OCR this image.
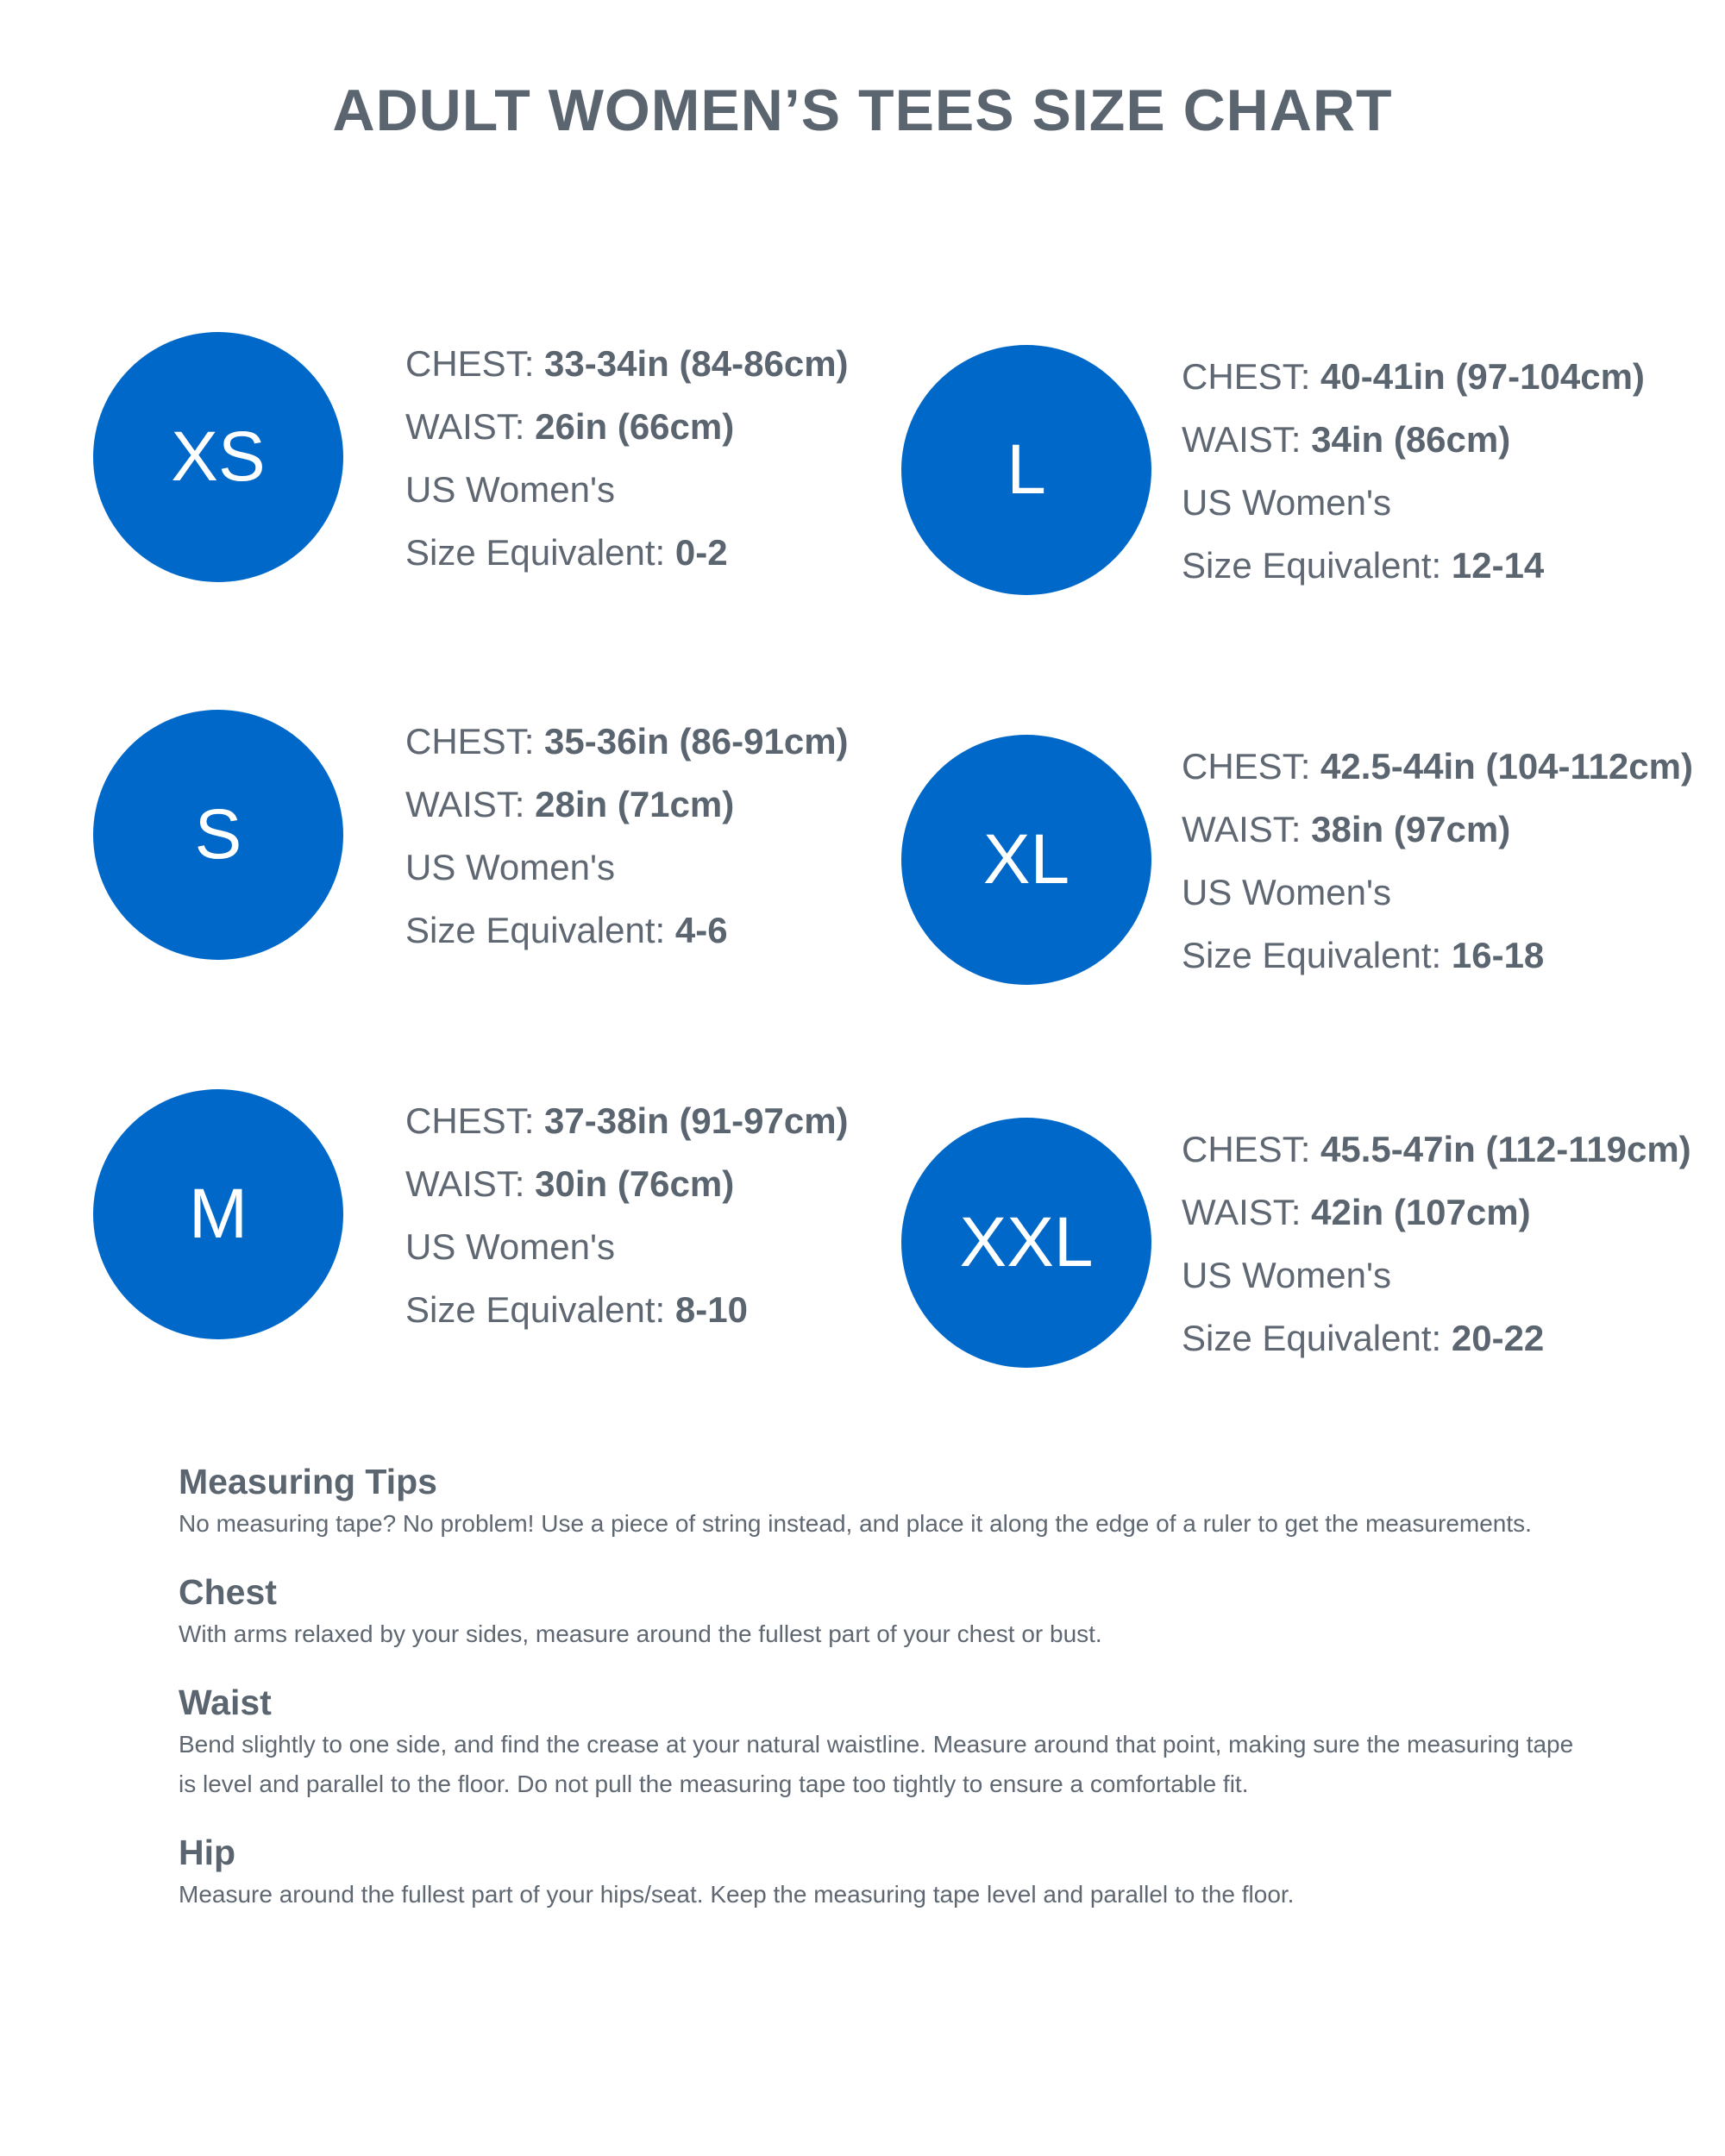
ADULT WOMEN’S TEES SIZE CHART
XS
CHEST: 33-34in (84-86cm)
WAIST: 26in (66cm)
US Women's
Size Equivalent: 0-2
S
CHEST: 35-36in (86-91cm)
WAIST: 28in (71cm)
US Women's
Size Equivalent: 4-6
M
CHEST: 37-38in (91-97cm)
WAIST: 30in (76cm)
US Women's
Size Equivalent: 8-10
L
CHEST: 40-41in (97-104cm)
WAIST: 34in (86cm)
US Women's
Size Equivalent: 12-14
XL
CHEST: 42.5-44in (104-112cm)
WAIST: 38in (97cm)
US Women's
Size Equivalent: 16-18
XXL
CHEST: 45.5-47in (112-119cm)
WAIST: 42in (107cm)
US Women's
Size Equivalent: 20-22
Measuring Tips
No measuring tape? No problem! Use a piece of string instead, and place it along the edge of a ruler to get the measurements.
Chest
With arms relaxed by your sides, measure around the fullest part of your chest or bust.
Waist
Bend slightly to one side, and find the crease at your natural waistline. Measure around that point, making sure the measuring tape is level and parallel to the floor. Do not pull the measuring tape too tightly to ensure a comfortable fit.
Hip
Measure around the fullest part of your hips/seat. Keep the measuring tape level and parallel to the floor.
